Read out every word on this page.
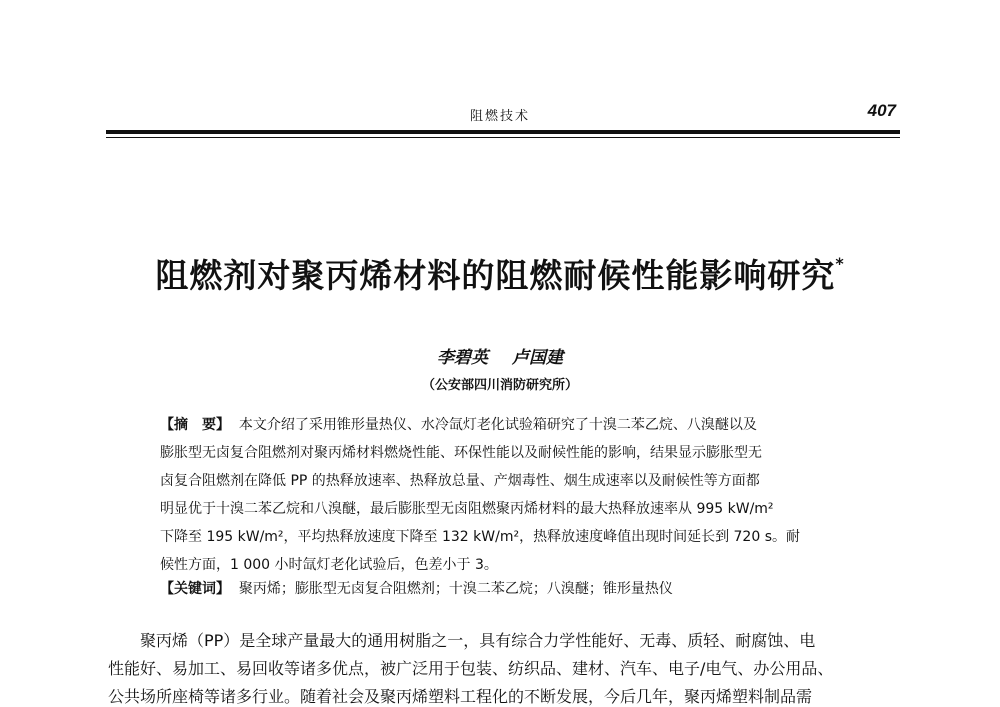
阻燃技术	407
阻燃剂对聚丙烯材料的阻燃耐候性能影响研究*
李碧英 卢国建
（公安部四川消防研究所）
【摘　要】 本文介绍了采用锥形量热仪、水冷氙灯老化试验箱研究了十溴二苯乙烷、八溴醚以及
膨胀型无卤复合阻燃剂对聚丙烯材料燃烧性能、环保性能以及耐候性能的影响，结果显示膨胀型无
卤复合阻燃剂在降低 PP 的热释放速率、热释放总量、产烟毒性、烟生成速率以及耐候性等方面都
明显优于十溴二苯乙烷和八溴醚，最后膨胀型无卤阻燃聚丙烯材料的最大热释放速率从 995 kW/m²
下降至 195 kW/m²，平均热释放速度下降至 132 kW/m²，热释放速度峰值出现时间延长到 720 s。耐
候性方面，1 000 小时氙灯老化试验后，色差小于 3。
【关键词】 聚丙烯；膨胀型无卤复合阻燃剂；十溴二苯乙烷；八溴醚；锥形量热仪
聚丙烯（PP）是全球产量最大的通用树脂之一，具有综合力学性能好、无毒、质轻、耐腐蚀、电
性能好、易加工、易回收等诸多优点，被广泛用于包装、纺织品、建材、汽车、电子/电气、办公用品、
公共场所座椅等诸多行业。随着社会及聚丙烯塑料工程化的不断发展，今后几年，聚丙烯塑料制品需
